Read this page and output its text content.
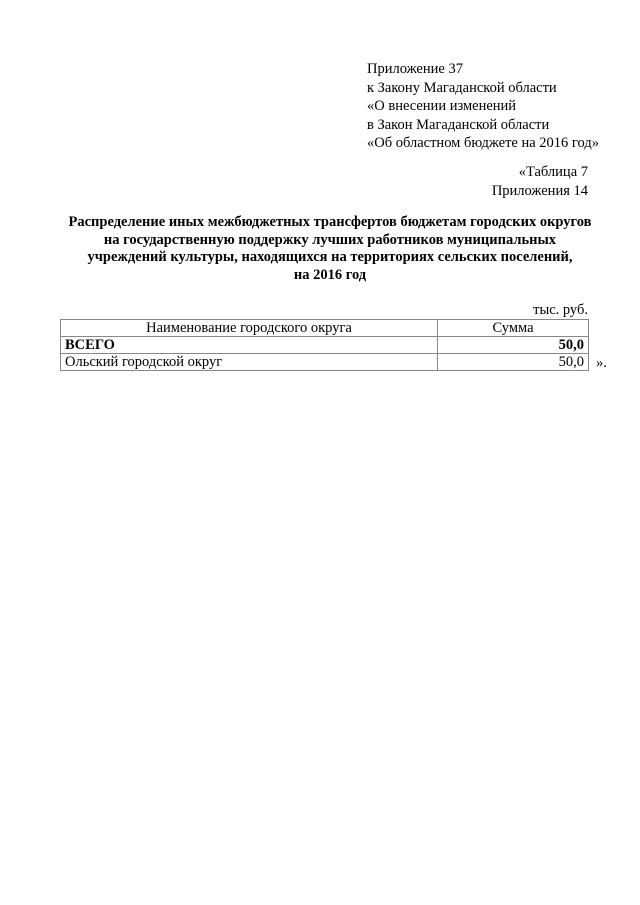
Приложение 37
к Закону Магаданской области
«О внесении изменений
в Закон Магаданской области
«Об областном бюджете на 2016 год»
«Таблица 7
Приложения 14
Распределение иных межбюджетных трансфертов бюджетам городских округов
на государственную поддержку лучших работников муниципальных
учреждений культуры, находящихся на территориях сельских поселений,
на 2016 год
тыс. руб.
Наименование городского округа	Сумма
ВСЕГО	50,0
Ольский городской округ	50,0 ».
